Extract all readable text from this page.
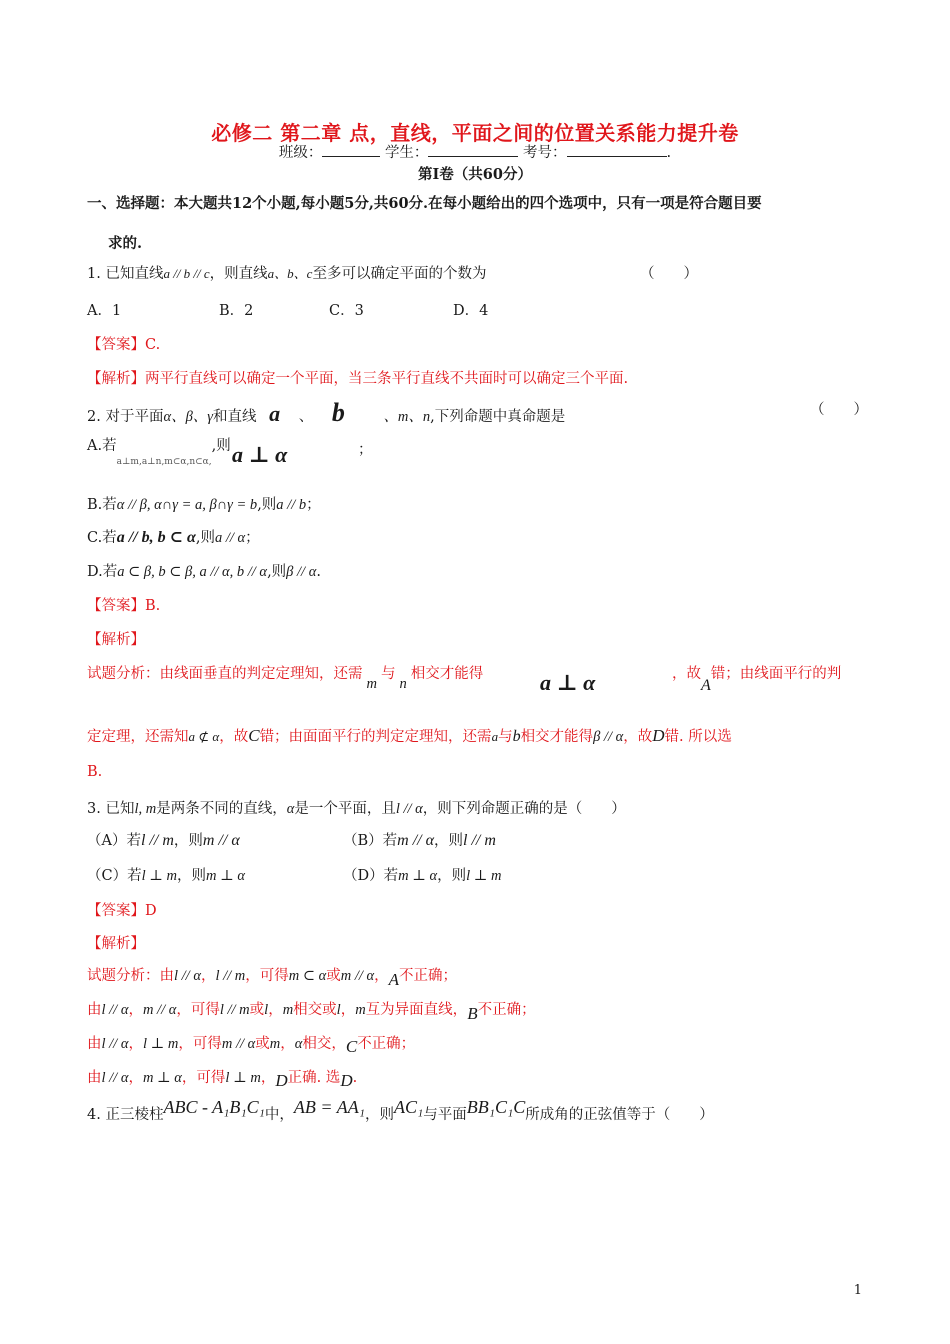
必修二 第二章 点，直线，平面之间的位置关系能力提升卷
班级：	学生：	考号：	.
第Ⅰ卷（共60分）
一、选择题：本大题共12个小题,每小题5分,共60分.在每小题给出的四个选项中，只有一项是符合题目要
求的.
1. 已知直线a // b // c，则直线a、b、c至多可以确定平面的个数为	（　　）
A．1	B．2	C．3	D．4
【答案】C.
【解析】两平行直线可以确定一个平面，当三条平行直线不共面时可以确定三个平面.
2. 对于平面α、β、γ和直线 a 、 b	、m、n,下列命题中真命题是	（　　）
A.若$_{a\perp m,a\perp n,m\subset\alpha,n\subset\alpha,}$,则 a ⊥ α	；
B.若α // β, α∩γ = a, β∩γ = b,则a // b；
C.若a // b, b ⊂ α,则a // α；
D.若a ⊂ β, b ⊂ β, a // α, b // α,则β // α.
【答案】B.
【解析】
试题分析：由线面垂直的判定定理知，还需m与n相交才能得	a ⊥ α	，故A错；由线面平行的判
定定理，还需知a ⊄ α，故C错；由面面平行的判定定理知，还需a与b相交才能得β // α，故D错. 所以选
B.
3. 已知l, m是两条不同的直线，α是一个平面，且l // α，则下列命题正确的是（　　）
（A）若l // m，则m // α	（B）若m // α，则l // m
（C）若l ⊥ m，则m ⊥ α	（D）若m ⊥ α，则l ⊥ m
【答案】D
【解析】
试题分析：由l // α，l // m，可得m ⊂ α或m // α，A不正确；
由l // α，m // α，可得l // m或l，m相交或l，m互为异面直线，B不正确；
由l // α，l ⊥ m，可得m // α或m，α相交，C不正确；
由l // α，m ⊥ α，可得l ⊥ m，D正确. 选D.
4. 正三棱柱ABC - A₁B₁C₁中，AB = AA₁，则AC₁与平面BB₁C₁C所成角的正弦值等于（　　）
1
